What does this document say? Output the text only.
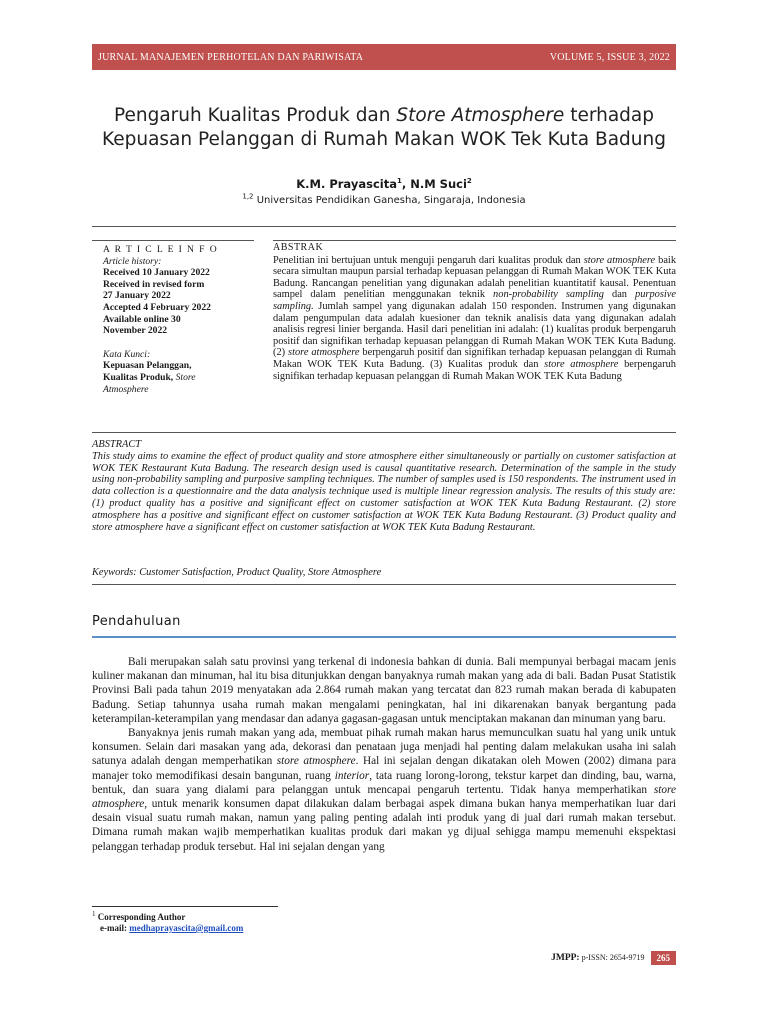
JURNAL MANAJEMEN PERHOTELAN DAN PARIWISATA	VOLUME 5, ISSUE 3, 2022
Pengaruh Kualitas Produk dan Store Atmosphere terhadap
Kepuasan Pelanggan di Rumah Makan WOK Tek Kuta Badung
K.M. Prayascita$^1$, N.M Suci$^2$
$^{1,2}$ Universitas Pendidikan Ganesha, Singaraja, Indonesia
A R T I C L E I N F O
Article history:
Received 10 January 2022
Received in revised form
27 January 2022
Accepted 4 February 2022
Available online 30
November 2022
Kata Kunci:
Kepuasan Pelanggan,
Kualitas Produk, Store
Atmosphere
ABSTRAK
Penelitian ini bertujuan untuk menguji pengaruh dari kualitas produk dan store atmosphere baik secara simultan maupun parsial terhadap kepuasan pelanggan di Rumah Makan WOK TEK Kuta Badung. Rancangan penelitian yang digunakan adalah penelitian kuantitatif kausal. Penentuan sampel dalam penelitian menggunakan teknik non-probability sampling dan purposive sampling. Jumlah sampel yang digunakan adalah 150 responden. Instrumen yang digunakan dalam pengumpulan data adalah kuesioner dan teknik analisis data yang digunakan adalah analisis regresi linier berganda. Hasil dari penelitian ini adalah: (1) kualitas produk berpengaruh positif dan signifikan terhadap kepuasan pelanggan di Rumah Makan WOK TEK Kuta Badung. (2) store atmosphere berpengaruh positif dan signifikan terhadap kepuasan pelanggan di Rumah Makan WOK TEK Kuta Badung. (3) Kualitas produk dan store atmosphere berpengaruh signifikan terhadap kepuasan pelanggan di Rumah Makan WOK TEK Kuta Badung
ABSTRACT
This study aims to examine the effect of product quality and store atmosphere either simultaneously or partially on customer satisfaction at WOK TEK Restaurant Kuta Badung. The research design used is causal quantitative research. Determination of the sample in the study using non-probability sampling and purposive sampling techniques. The number of samples used is 150 respondents. The instrument used in data collection is a questionnaire and the data analysis technique used is multiple linear regression analysis. The results of this study are: (1) product quality has a positive and significant effect on customer satisfaction at WOK TEK Kuta Badung Restaurant. (2) store atmosphere has a positive and significant effect on customer satisfaction at WOK TEK Kuta Badung Restaurant. (3) Product quality and store atmosphere have a significant effect on customer satisfaction at WOK TEK Kuta Badung Restaurant.
Keywords: Customer Satisfaction, Product Quality, Store Atmosphere
Pendahuluan

Bali merupakan salah satu provinsi yang terkenal di indonesia bahkan di dunia. Bali mempunyai berbagai macam jenis kuliner makanan dan minuman, hal itu bisa ditunjukkan dengan banyaknya rumah makan yang ada di bali. Badan Pusat Statistik Provinsi Bali pada tahun 2019 menyatakan ada 2.864 rumah makan yang tercatat dan 823 rumah makan berada di kabupaten Badung. Setiap tahunnya usaha rumah makan mengalami peningkatan, hal ini dikarenakan banyak bergantung pada keterampilan-keterampilan yang mendasar dan adanya gagasan-gagasan untuk menciptakan makanan dan minuman yang baru.

Banyaknya jenis rumah makan yang ada, membuat pihak rumah makan harus memunculkan suatu hal yang unik untuk konsumen. Selain dari masakan yang ada, dekorasi dan penataan juga menjadi hal penting dalam melakukan usaha ini salah satunya adalah dengan memperhatikan store atmosphere. Hal ini sejalan dengan dikatakan oleh Mowen (2002) dimana para manajer toko memodifikasi desain bangunan, ruang interior, tata ruang lorong-lorong, tekstur karpet dan dinding, bau, warna, bentuk, dan suara yang dialami para pelanggan untuk mencapai pengaruh tertentu. Tidak hanya memperhatikan store atmosphere, untuk menarik konsumen dapat dilakukan dalam berbagai aspek dimana bukan hanya memperhatikan luar dari desain visual suatu rumah makan, namun yang paling penting adalah inti produk yang di jual dari rumah makan tersebut. Dimana rumah makan wajib memperhatikan kualitas produk dari makan yg dijual sehigga mampu memenuhi ekspektasi pelanggan terhadap produk tersebut. Hal ini sejalan dengan yang

$^1$ Corresponding Author
e-mail: medhaprayascita@gmail.com
JMPP: p-ISSN: 2654-9719	265
